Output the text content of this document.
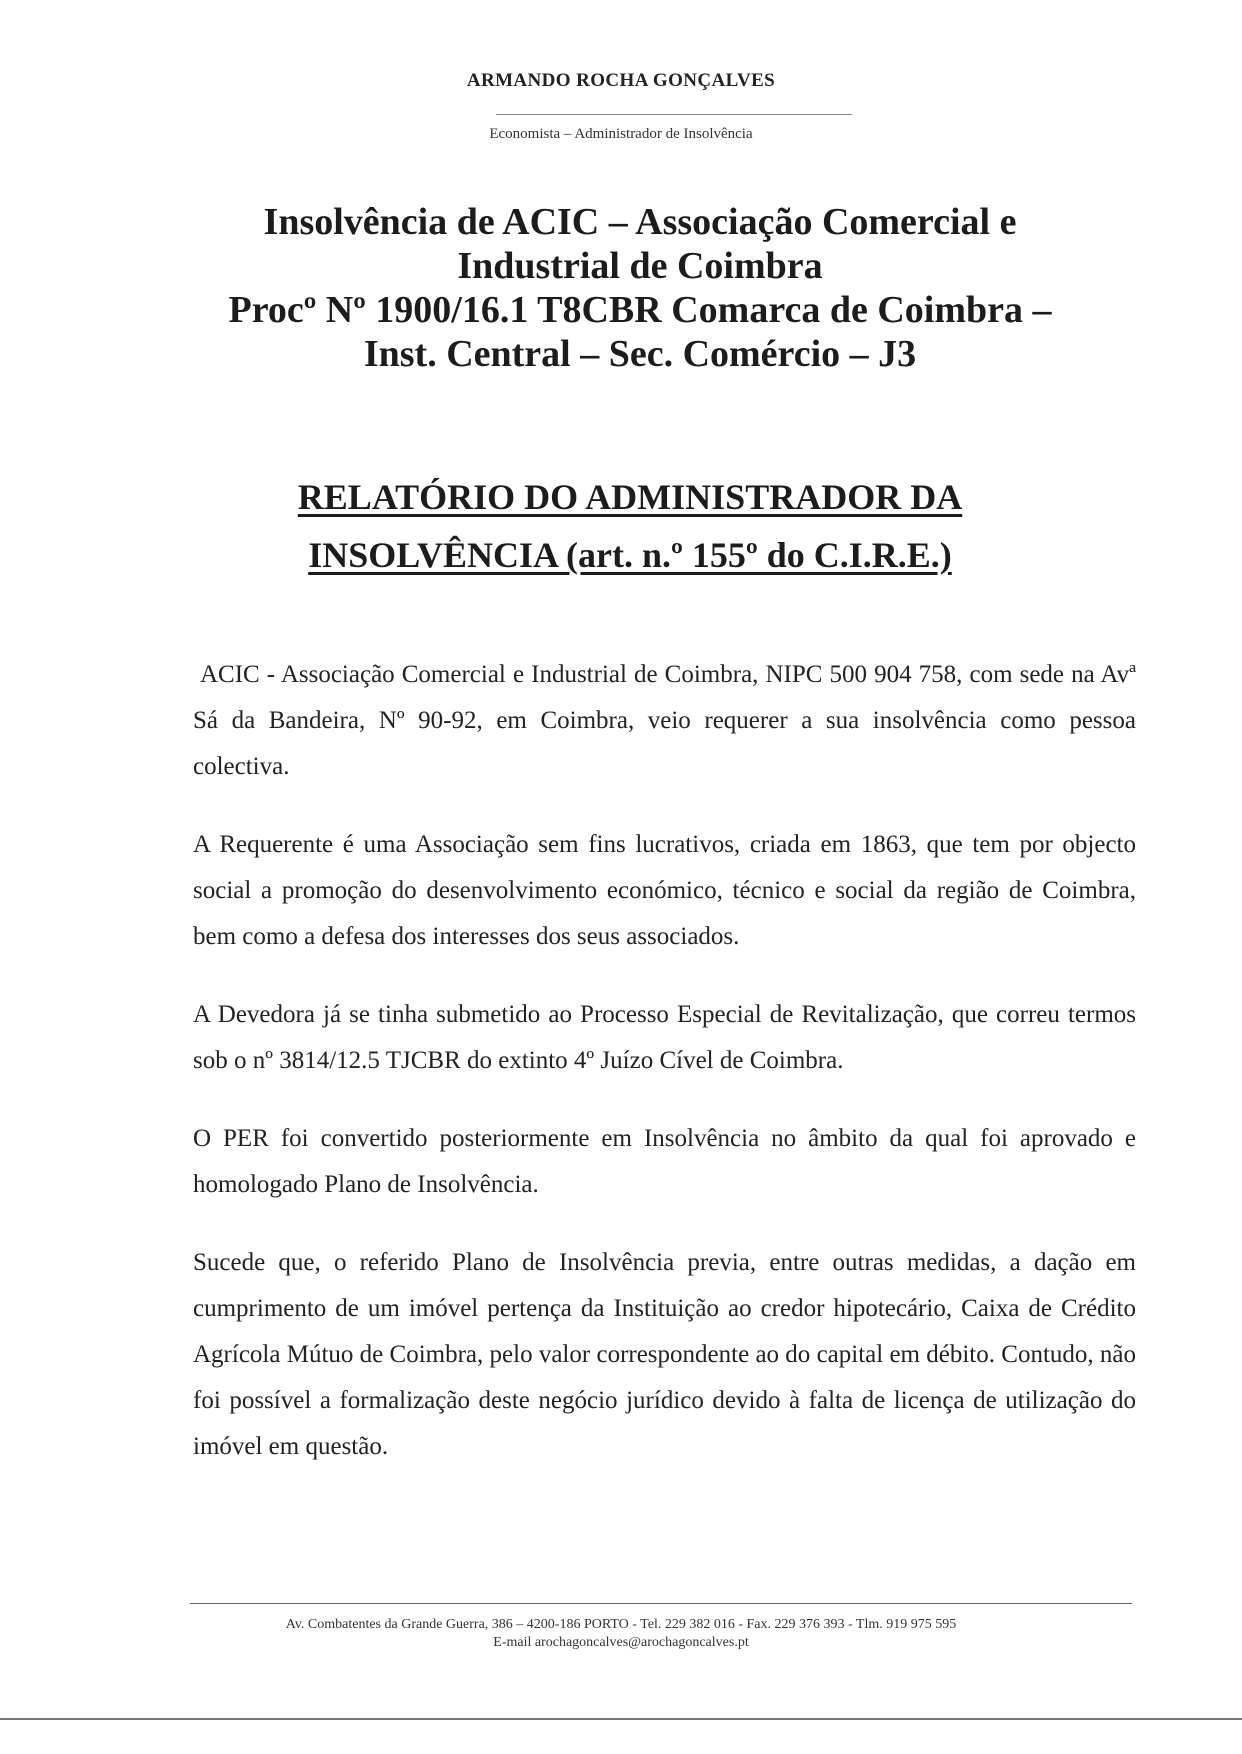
ARMANDO ROCHA GONÇALVES
Economista – Administrador de Insolvência
Insolvência de ACIC – Associação Comercial e
Industrial de Coimbra
Procº Nº 1900/16.1 T8CBR Comarca de Coimbra –
Inst. Central – Sec. Comércio – J3
RELATÓRIO DO ADMINISTRADOR DA
INSOLVÊNCIA (art. n.º 155º do C.I.R.E.)

ACIC - Associação Comercial e Industrial de Coimbra, NIPC 500 904 758, com sede na Avª Sá da Bandeira, Nº 90-92, em Coimbra, veio requerer a sua insolvência como pessoa colectiva.

A Requerente é uma Associação sem fins lucrativos, criada em 1863, que tem por objecto social a promoção do desenvolvimento económico, técnico e social da região de Coimbra, bem como a defesa dos interesses dos seus associados.

A Devedora já se tinha submetido ao Processo Especial de Revitalização, que correu termos sob o nº 3814/12.5 TJCBR do extinto 4º Juízo Cível de Coimbra.

O PER foi convertido posteriormente em Insolvência no âmbito da qual foi aprovado e homologado Plano de Insolvência.

Sucede que, o referido Plano de Insolvência previa, entre outras medidas, a dação em cumprimento de um imóvel pertença da Instituição ao credor hipotecário, Caixa de Crédito Agrícola Mútuo de Coimbra, pelo valor correspondente ao do capital em débito. Contudo, não foi possível a formalização deste negócio jurídico devido à falta de licença de utilização do imóvel em questão.

Av. Combatentes da Grande Guerra, 386 – 4200-186 PORTO - Tel. 229 382 016 - Fax. 229 376 393 - Tlm. 919 975 595
E-mail arochagoncalves@arochagoncalves.pt
